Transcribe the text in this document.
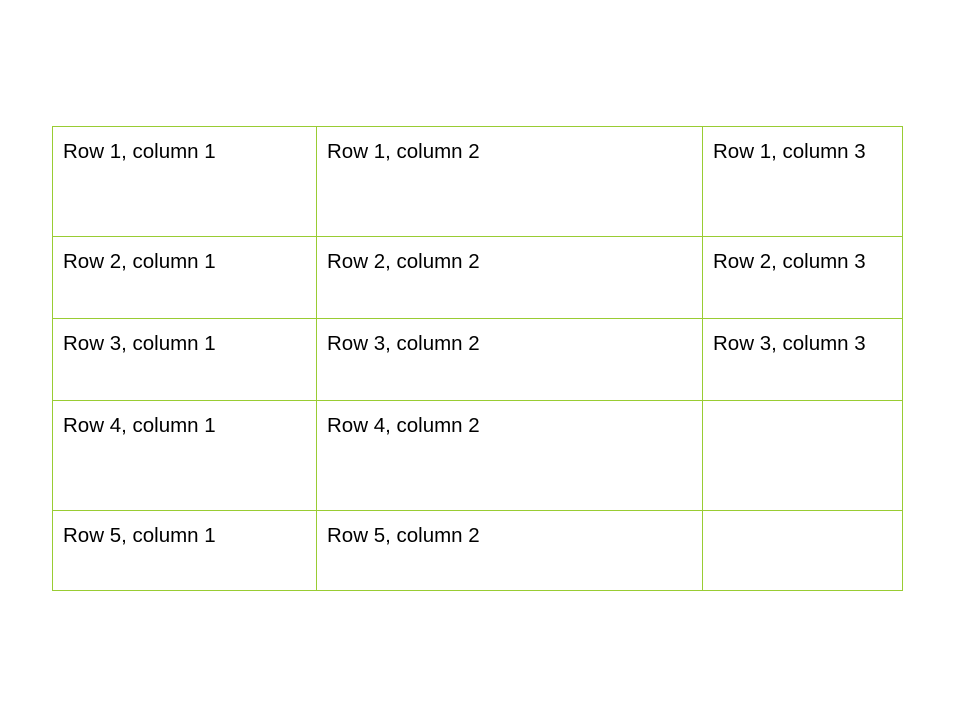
Row 1, column 1	Row 1, column 2	Row 1, column 3
Row 2, column 1	Row 2, column 2	Row 2, column 3
Row 3, column 1	Row 3, column 2	Row 3, column 3
Row 4, column 1	Row 4, column 2	
Row 5, column 1	Row 5, column 2	
